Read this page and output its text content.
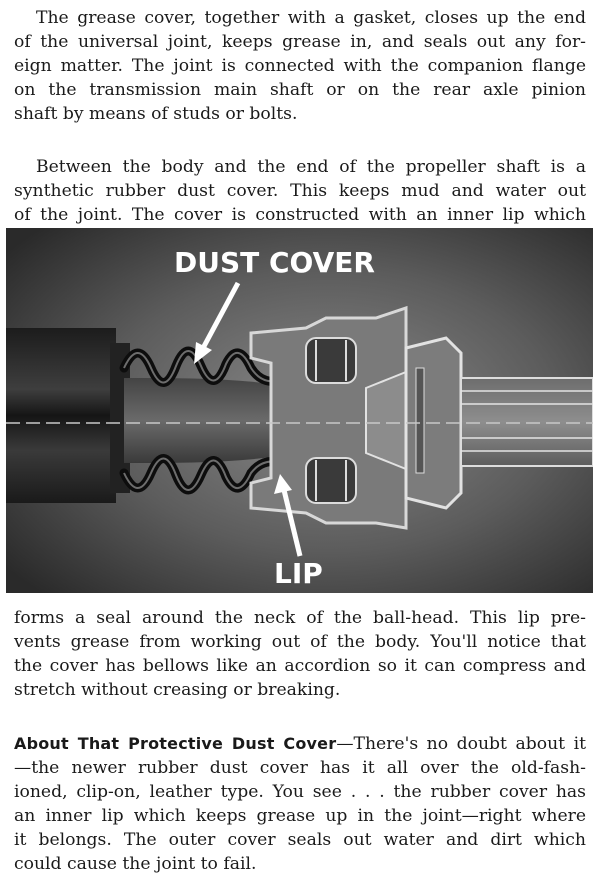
The grease cover, together with a gasket, closes up the end
of the universal joint, keeps grease in, and seals out any for-
eign matter. The joint is connected with the companion flange
on the transmission main shaft or on the rear axle pinion
shaft by means of studs or bolts.
Between the body and the end of the propeller shaft is a
synthetic rubber dust cover. This keeps mud and water out
of the joint. The cover is constructed with an inner lip which
DUST COVER
LIP
forms a seal around the neck of the ball-head. This lip pre-
vents grease from working out of the body. You'll notice that
the cover has bellows like an accordion so it can compress and
stretch without creasing or breaking.
About That Protective Dust Cover—There's no doubt about it
—the newer rubber dust cover has it all over the old-fash-
ioned, clip-on, leather type. You see . . . the rubber cover has
an inner lip which keeps grease up in the joint—right where
it belongs. The outer cover seals out water and dirt which
could cause the joint to fail.
